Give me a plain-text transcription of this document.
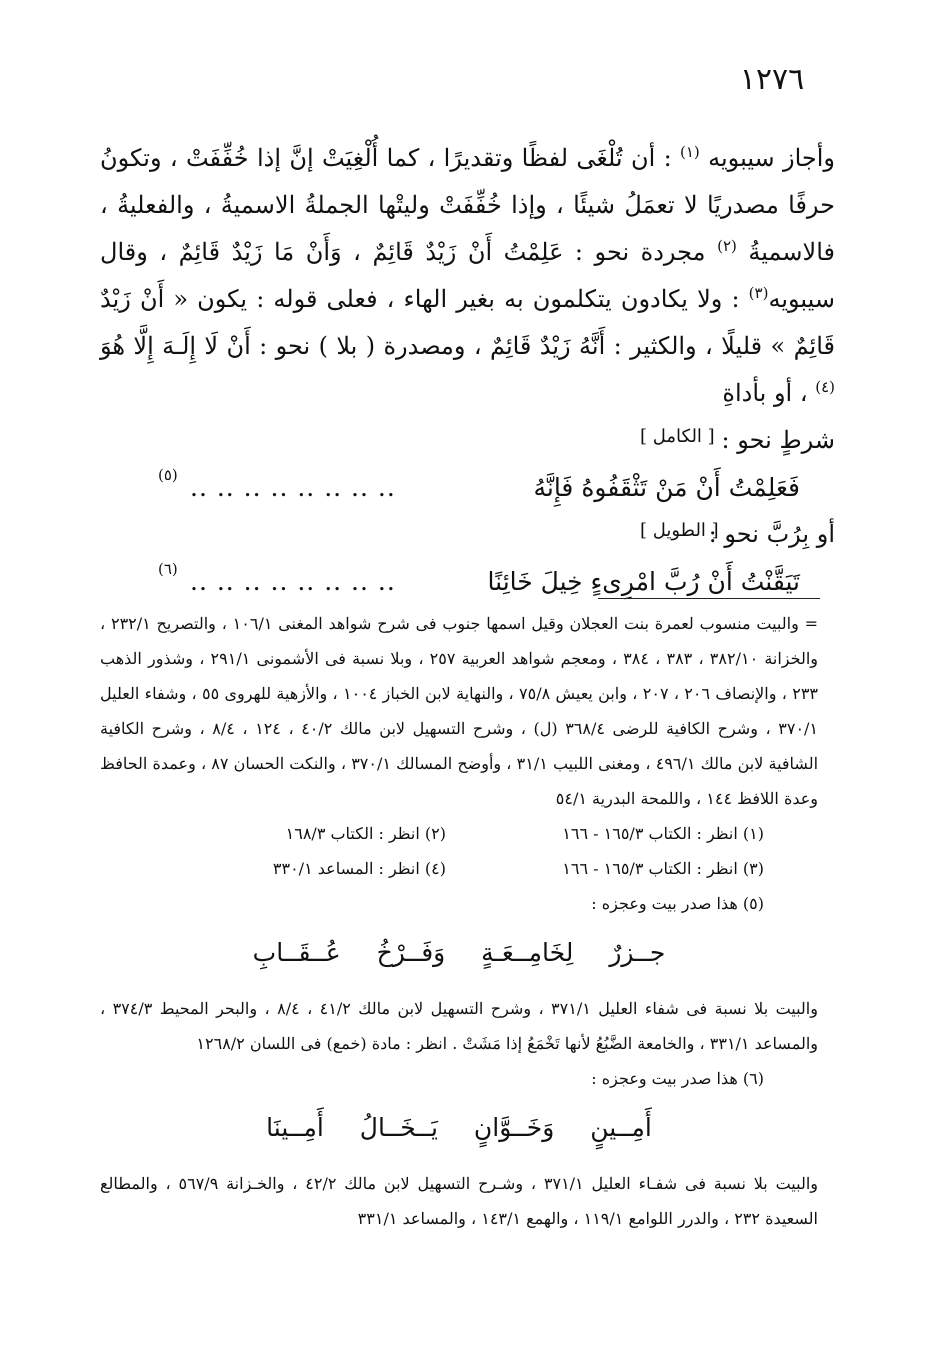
١٢٧٦

وأجاز سيبويه $^{(١)}$ : أن تُلْغَى لفظًا وتقديرًا ، كما أُلْغِيَتْ إنَّ إذا خُفِّفَتْ ، وتكونُ حرفًا مصدريًا لا تعمَلُ شيئًا ، وإذا خُفِّفَتْ وليتْها الجملةُ الاسميةُ ، والفعليةُ ، فالاسميةُ $^{(٢)}$ مجردة نحو : عَلِمْتُ أَنْ زَيْدٌ قَائِمٌ ، وَأَنْ مَا زَيْدٌ قَائِمٌ ، وقال سيبويه$^{(٣)}$ : ولا يكادون يتكلمون به بغير الهاء ، فعلى قوله : يكون « أَنْ زَيْدٌ قَائِمٌ » قليلًا ، والكثير : أَنَّهُ زَيْدٌ قَائِمٌ ، ومصدرة ( بلا ) نحو : أَنْ لَا إِلَـهَ إِلَّا هُوَ $^{(٤)}$ ، أو بأداةِ

شرطٍ نحو :
[ الكامل ]
فَعَلِمْتُ أَنْ مَنْ تَثْقَفُوهُ فَإِنَّهُ
.. .. .. .. .. .. .. ..
(٥)
أو بِرُبَّ نحو :
[ الطويل ]
تَيَقَّنْتُ أَنْ رُبَّ امْرِىءٍ خِيلَ خَائِنًا
.. .. .. .. .. .. .. ..
(٦)

= والبيت منسوب لعمرة بنت العجلان وقيل اسمها جنوب فى شرح شواهد المغنى ١٠٦/١ ، والتصريح ٢٣٢/١ ، والخزانة ٣٨٢/١٠ ، ٣٨٣ ، ٣٨٤ ، ومعجم شواهد العربية ٢٥٧ ، وبلا نسبة فى الأشمونى ٢٩١/١ ، وشذور الذهب ٢٣٣ ، والإنصاف ٢٠٦ ، ٢٠٧ ، وابن يعيش ٧٥/٨ ، والنهاية لابن الخباز ١٠٠٤ ، والأزهية للهروى ٥٥ ، وشفاء العليل ٣٧٠/١ ، وشرح الكافية للرضى ٣٦٨/٤ (ل) ، وشرح التسهيل لابن مالك ٤٠/٢ ، ١٢٤ ، ٨/٤ ، وشرح الكافية الشافية لابن مالك ٤٩٦/١ ، ومغنى اللبيب ٣١/١ ، وأوضح المسالك ٣٧٠/١ ، والنكت الحسان ٨٧ ، وعمدة الحافظ وعدة اللافظ ١٤٤ ، واللمحة البدرية ٥٤/١

(١) انظر : الكتاب ١٦٥/٣ - ١٦٦
(٢) انظر : الكتاب ١٦٨/٣
(٣) انظر : الكتاب ١٦٥/٣ - ١٦٦
(٤) انظر : المساعد ٣٣٠/١

(٥) هذا صدر بيت وعجزه :

جــزرٌ لِخَامِــعَـةٍ وَفَــرْخُ عُــقَــابِ

والبيت بلا نسبة فى شفاء العليل ٣٧١/١ ، وشرح التسهيل لابن مالك ٤١/٢ ، ٨/٤ ، والبحر المحيط ٣٧٤/٣ ، والمساعد ٣٣١/١ ، والخامعة الضَّبُعُ لأنها تَخْمَعُ إذا مَشَتْ . انظر : مادة (خمع) فى اللسان ١٢٦٨/٢

(٦) هذا صدر بيت وعجزه :

أَمِــينٍ وَخَــوَّانٍ يَــخَــالُ أَمِــينَا

والبيت بلا نسبة فى شفـاء العليل ٣٧١/١ ، وشـرح التسهيل لابن مالك ٤٢/٢ ، والخـزانة ٥٦٧/٩ ، والمطالع السعيدة ٢٣٢ ، والدرر اللوامع ١١٩/١ ، والهمع ١٤٣/١ ، والمساعد ٣٣١/١
